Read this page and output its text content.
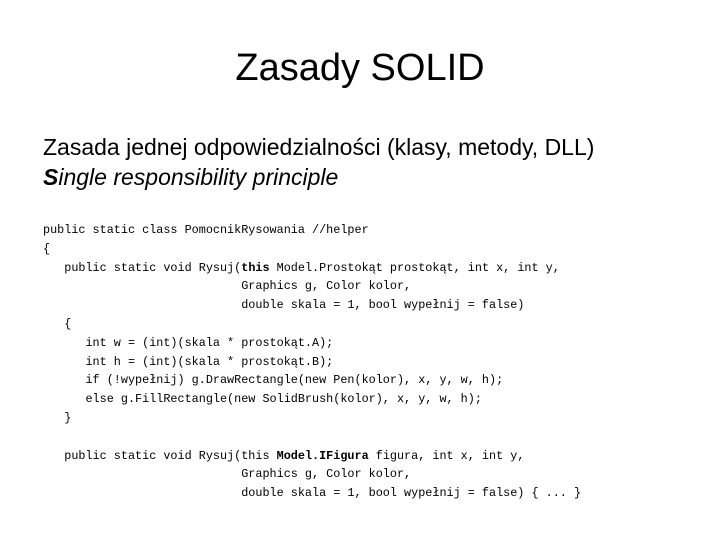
Zasady SOLID
Zasada jednej odpowiedzialności (klasy, metody, DLL)
Single responsibility principle
public static class PomocnikRysowania //helper
{
public static void Rysuj(this Model.Prostokąt prostokąt, int x, int y,
Graphics g, Color kolor,
double skala = 1, bool wypełnij = false)
{
int w = (int)(skala * prostokąt.A);
int h = (int)(skala * prostokąt.B);
if (!wypełnij) g.DrawRectangle(new Pen(kolor), x, y, w, h);
else g.FillRectangle(new SolidBrush(kolor), x, y, w, h);
}
public static void Rysuj(this Model.IFigura figura, int x, int y,
Graphics g, Color kolor,
double skala = 1, bool wypełnij = false) { ... }
